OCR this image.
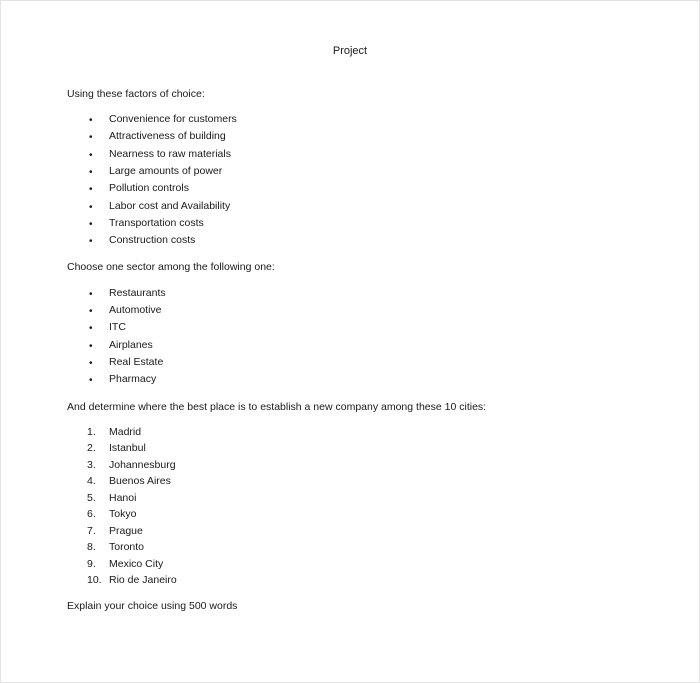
Project
Using these factors of choice:
• Convenience for customers
• Attractiveness of building
• Nearness to raw materials
• Large amounts of power
• Pollution controls
• Labor cost and Availability
• Transportation costs
• Construction costs
Choose one sector among the following one:
• Restaurants
• Automotive
• ITC
• Airplanes
• Real Estate
• Pharmacy
And determine where the best place is to establish a new company among these 10 cities:
1.	Madrid
2.	Istanbul
3.	Johannesburg
4.	Buenos Aires
5.	Hanoi
6.	Tokyo
7.	Prague
8.	Toronto
9.	Mexico City
10. Rio de Janeiro
Explain your choice using 500 words
